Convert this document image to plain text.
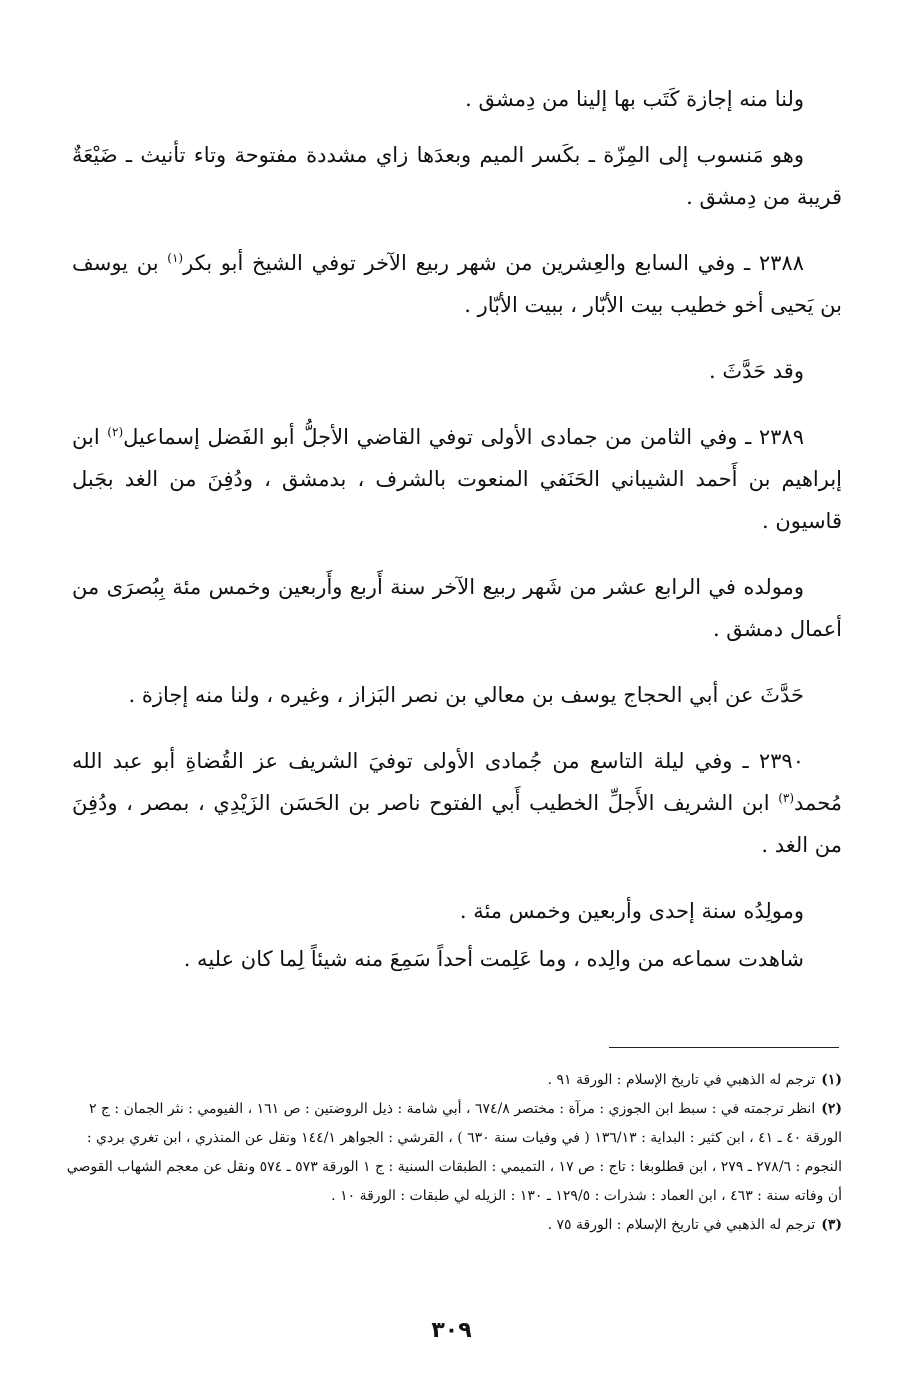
ولنا منه إجازة كَتَب بها إلينا من دِمشق .

وهو مَنسوب إلى المِزّة ـ بكَسر الميم وبعدَها زاي مشددة مفتوحة وتاء تأنيث ـ ضَيْعَةٌ قريبة من دِمشق .

٢٣٨٨ ـ وفي السابع والعِشرين من شهر ربيع الآخر توفي الشيخ أبو بكر$^{(١)}$ بن يوسف بن يَحيى أخو خطيب بيت الأبّار ، ببيت الأبّار .

وقد حَدَّثَ .

٢٣٨٩ ـ وفي الثامن من جمادى الأولى توفي القاضي الأجلُّ أبو الفَضل إسماعيل$^{(٢)}$ ابن إبراهيم بن أَحمد الشيباني الحَنَفي المنعوت بالشرف ، بدمشق ، ودُفِنَ من الغد بجَبل قاسيون .

ومولده في الرابع عشر من شَهر ربيع الآخر سنة أَربع وأَربعين وخمس مئة بِبُصرَى من أعمال دمشق .

حَدَّثَ عن أبي الحجاج يوسف بن معالي بن نصر البَزاز ، وغيره ، ولنا منه إجازة .

٢٣٩٠ ـ وفي ليلة التاسع من جُمادى الأولى توفيَ الشريف عز القُضاةِ أبو عبد الله مُحمد$^{(٣)}$ ابن الشريف الأَجلِّ الخطيب أَبي الفتوح ناصر بن الحَسَن الزَيْدِي ، بمصر ، ودُفِنَ من الغد .

ومولِدُه سنة إحدى وأربعين وخمس مئة .

شاهدت سماعه من والِده ، وما عَلِمت أحداً سَمِعَ منه شيئاً لِما كان عليه .

(١)ترجم له الذهبي في تاريخ الإسلام : الورقة ٩١ .

(٢)انظر ترجمته في : سبط ابن الجوزي : مرآة : مختصر ٦٧٤/٨ ، أبي شامة : ذيل الروضتين : ص ١٦١ ، الفيومي : نثر الجمان : ج ٢ الورقة ٤٠ ـ ٤١ ، ابن كثير : البداية : ١٣٦/١٣ ( في وفيات سنة ٦٣٠ ) ، القرشي : الجواهر ١٤٤/١ ونقل عن المنذري ، ابن تغري بردي : النجوم : ٢٧٨/٦ ـ ٢٧٩ ، ابن قطلوبغا : تاج : ص ١٧ ، التميمي : الطبقات السنية : ج ١ الورقة ٥٧٣ ـ ٥٧٤ ونقل عن معجم الشهاب القوصي أن وفاته سنة : ٤٦٣ ، ابن العماد : شذرات : ١٢٩/٥ ـ ١٣٠ : الزيله لي طبقات : الورقة ١٠ .

(٣)ترجم له الذهبي في تاريخ الإسلام : الورقة ٧٥ .

٣٠٩
